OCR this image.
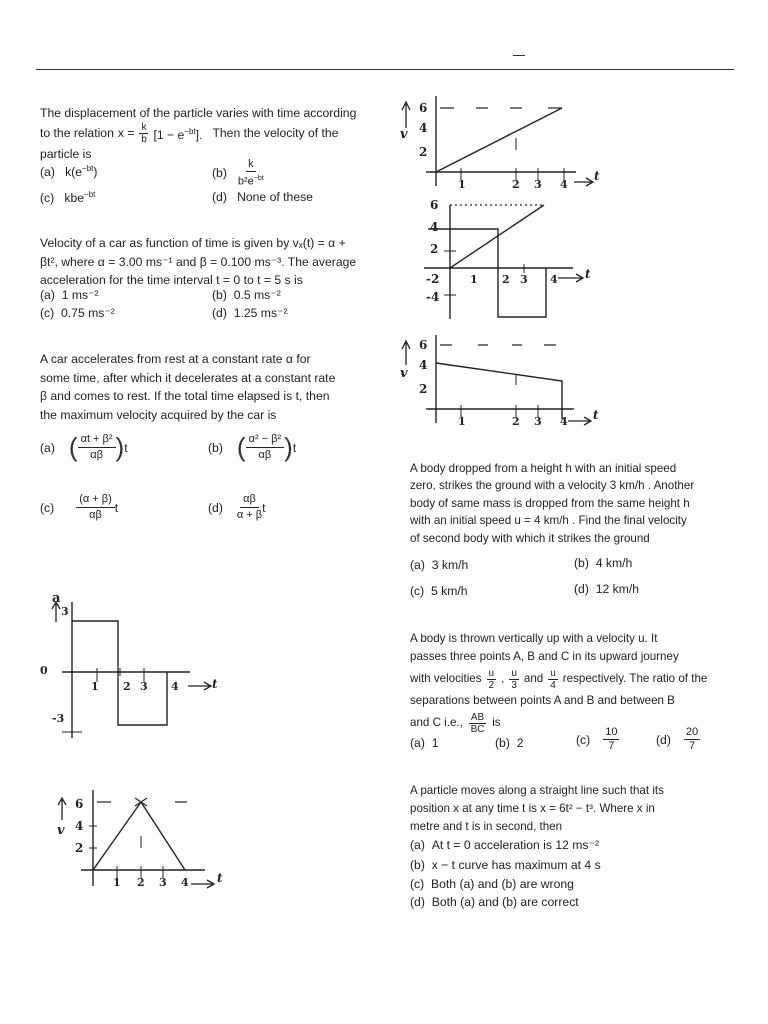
The displacement of the particle varies with time according
to the relation $x = \frac{k}{b} [1 - e^{-bt}]$. Then the velocity of the
particle is
(a) $k(e^{-bt})$	$(b) \frac{k}{b^2e^{-bt}}$
(c) kbe$^{-bt}$	(d) None of these
Velocity of a car as function of time is given by vₓ(t) = α +
βt², where α = 3.00 ms⁻¹ and β = 0.100 ms⁻³. The average
acceleration for the time interval t = 0 to t = 5 s is
(a) 1 ms⁻²	(b) 0.5 ms⁻²
(c) 0.75 ms⁻²	(d) 1.25 ms⁻²
A car accelerates from rest at a constant rate α for
some time, after which it decelerates at a constant rate
β and comes to rest. If the total time elapsed is t, then
the maximum velocity acquired by the car is
(a) ( $\frac{\text{αt + β²}}{\alpha\beta}$ ) t	(b) ( $\frac{\text{α² − β²}}{\alpha\beta}$ ) t
$(c) \frac{(\alpha + \beta)}{\alpha\beta}$ t	$(d) \frac{\alpha\beta}{\alpha + \beta}$ t
a
3
0
-3
t
1 2 3 4
v
6
4
2
t
1 2 3 4
v
6
4
2
t
1	2 3 4
6
4
2
-2
-4
t
1 2 3 4
v
6
4
2
t
1	2 3 4
A body dropped from a height h with an initial speed
zero, strikes the ground with a velocity 3 km/h . Another
body of same mass is dropped from the same height h
with an initial speed u = 4 km/h . Find the final velocity
of second body with which it strikes the ground
(a) 3 km/h	(b) 4 km/h
(c) 5 km/h	(d) 12 km/h
A body is thrown vertically up with a velocity u. It
passes three points A, B and C in its upward journey
with velocities u
2 , u
3 and u
4 respectively. The ratio of the
separations between points A and B and between B
and C i.e., AB
BC is
(a) 1	(b) 2	$(c) \frac{10}{7}$	$(d) \frac{20}{7}$
A particle moves along a straight line such that its
position x at any time t is x = 6t² − t³. Where x in
metre and t is in second, then
(a) At t = 0 acceleration is 12 ms⁻²
(b) x − t curve has maximum at 4 s
(c) Both (a) and (b) are wrong
(d) Both (a) and (b) are correct
